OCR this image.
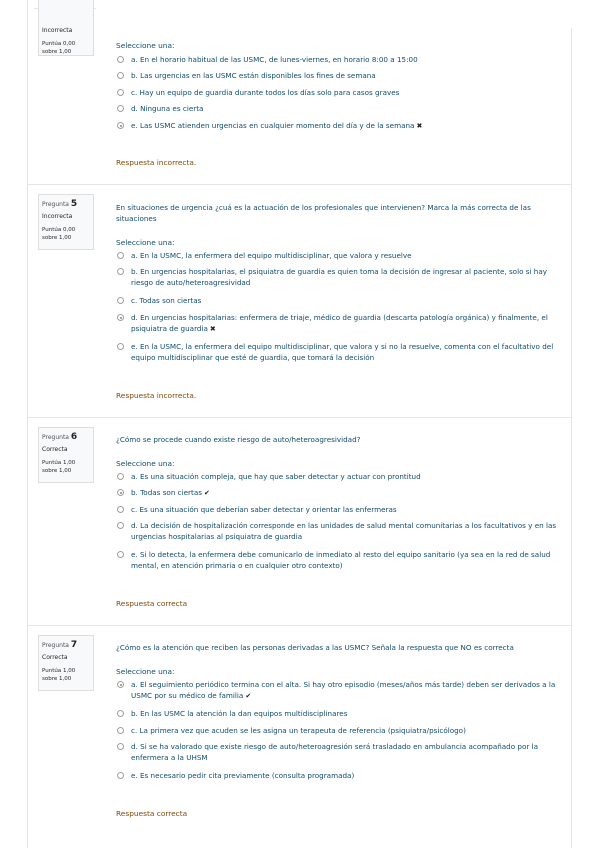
Incorrecta
Puntúa 0,00
sobre 1,00
Seleccione una:
a. En el horario habitual de las USMC, de lunes-viernes, en horario 8:00 a 15:00
b. Las urgencias en las USMC están disponibles los fines de semana
c. Hay un equipo de guardia durante todos los días solo para casos graves
d. Ninguna es cierta
e. Las USMC atienden urgencias en cualquier momento del día y de la semana ✖
Respuesta incorrecta.
Pregunta 5
Incorrecta
Puntúa 0,00
sobre 1,00
En situaciones de urgencia ¿cuá es la actuación de los profesionales que intervienen? Marca la más correcta de las situaciones
Seleccione una:
a. En la USMC, la enfermera del equipo multidisciplinar, que valora y resuelve
b. En urgencias hospitalarias, el psiquiatra de guardia es quien toma la decisión de ingresar al paciente, solo si hay riesgo de auto/heteroagresividad
c. Todas son ciertas
d. En urgencias hospitalarias: enfermera de triaje, médico de guardia (descarta patología orgánica) y finalmente, el psiquiatra de guardia ✖
e. En la USMC, la enfermera del equipo multidisciplinar, que valora y si no la resuelve, comenta con el facultativo del equipo multidisciplinar que esté de guardia, que tomará la decisión
Respuesta incorrecta.
Pregunta 6
Correcta
Puntúa 1,00
sobre 1,00
¿Cómo se procede cuando existe riesgo de auto/heteroagresividad?
Seleccione una:
a. Es una situación compleja, que hay que saber detectar y actuar con prontitud
b. Todas son ciertas ✔
c. Es una situación que deberían saber detectar y orientar las enfermeras
d. La decisión de hospitalización corresponde en las unidades de salud mental comunitarias a los facultativos y en las urgencias hospitalarias al psiquiatra de guardia
e. Si lo detecta, la enfermera debe comunicarlo de inmediato al resto del equipo sanitario (ya sea en la red de salud mental, en atención primaria o en cualquier otro contexto)
Respuesta correcta
Pregunta 7
Correcta
Puntúa 1,00
sobre 1,00
¿Cómo es la atención que reciben las personas derivadas a las USMC? Señala la respuesta que NO es correcta
Seleccione una:
a. El seguimiento periódico termina con el alta. Si hay otro episodio (meses/años más tarde) deben ser derivados a la USMC por su médico de familia ✔
b. En las USMC la atención la dan equipos multidisciplinares
c. La primera vez que acuden se les asigna un terapeuta de referencia (psiquiatra/psicólogo)
d. Si se ha valorado que existe riesgo de auto/heteroagresión será trasladado en ambulancia acompañado por la enfermera a la UHSM
e. Es necesario pedir cita previamente (consulta programada)
Respuesta correcta
